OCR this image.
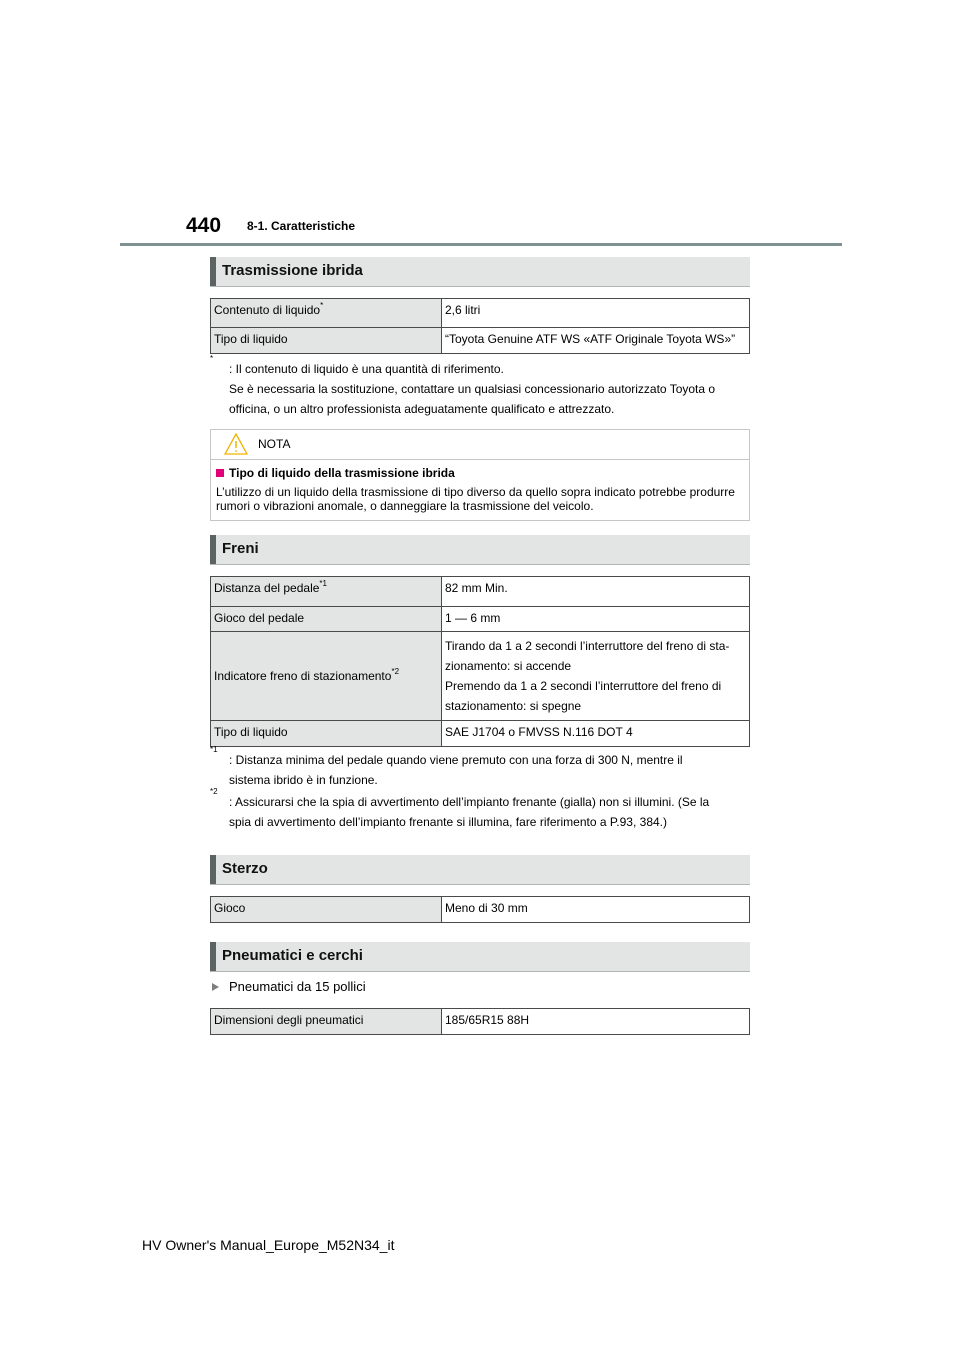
440 8-1. Caratteristiche
Trasmissione ibrida
Contenuto di liquido*	2,6 litri
Tipo di liquido	“Toyota Genuine ATF WS «ATF Originale Toyota WS»”
*
: Il contenuto di liquido è una quantità di riferimento.
Se è necessaria la sostituzione, contattare un qualsiasi concessionario autorizzato Toyota o
officina, o un altro professionista adeguatamente qualificato e attrezzato.
NOTA
Tipo di liquido della trasmissione ibrida
L’utilizzo di un liquido della trasmissione di tipo diverso da quello sopra indicato potrebbe produrre rumori o vibrazioni anomale, o danneggiare la trasmissione del veicolo.
Freni
Distanza del pedale$^{*1}$	82 mm Min.
Gioco del pedale	1 — 6 mm
Indicatore freno di stazionamento$^{*2}$	Tirando da 1 a 2 secondi l’interruttore del freno di sta-

zionamento: si accende

Premendo da 1 a 2 secondi l’interruttore del freno di

stazionamento: si spegne

Tipo di liquido	SAE J1704 o FMVSS N.116 DOT 4
$^{*1}$
: Distanza minima del pedale quando viene premuto con una forza di 300 N, mentre il
sistema ibrido è in funzione.
$^{*2}$
: Assicurarsi che la spia di avvertimento dell’impianto frenante (gialla) non si illumini. (Se la
spia di avvertimento dell’impianto frenante si illumina, fare riferimento a P.93, 384.)
Sterzo
Gioco	Meno di 30 mm
Pneumatici e cerchi
Pneumatici da 15 pollici
Dimensioni degli pneumatici	185/65R15 88H
HV Owner's Manual_Europe_M52N34_it
